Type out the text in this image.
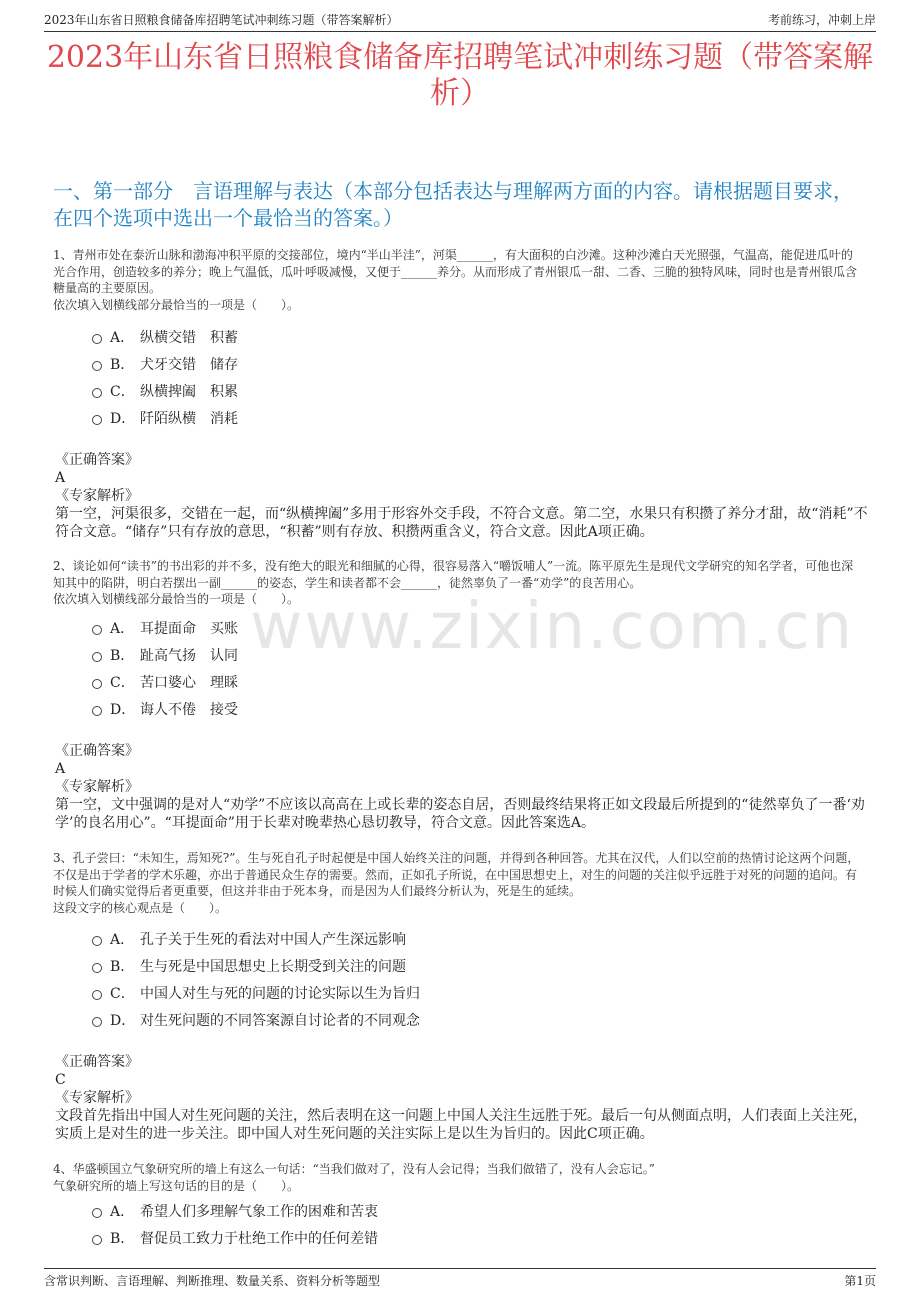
2023年山东省日照粮食储备库招聘笔试冲刺练习题（带答案解析）	考前练习，冲刺上岸
2023年山东省日照粮食储备库招聘笔试冲刺练习题（带答案解析）
一、第一部分　言语理解与表达（本部分包括表达与理解两方面的内容。请根据题目要求，在四个选项中选出一个最恰当的答案。）
www.zixin.com.cn
1、青州市处在泰沂山脉和渤海冲积平原的交接部位，境内“半山半洼”，河渠______，有大面积的白沙滩。这种沙滩白天光照强，气温高，能促进瓜叶的光合作用，创造较多的养分；晚上气温低，瓜叶呼吸减慢，又便于______养分。从而形成了青州银瓜一甜、二香、三脆的独特风味，同时也是青州银瓜含糖量高的主要原因。
依次填入划横线部分最恰当的一项是（　　）。
A． 纵横交错　积蓄
B． 犬牙交错　储存
C． 纵横捭阖　积累
D． 阡陌纵横　消耗

《正确答案》

A

《专家解析》

第一空，河渠很多，交错在一起，而“纵横捭阖”多用于形容外交手段，不符合文意。第二空，水果只有积攒了养分才甜，故“消耗”不符合文意。“储存”只有存放的意思，“积蓄”则有存放、积攒两重含义，符合文意。因此A项正确。

2、谈论如何“读书”的书出彩的并不多，没有绝大的眼光和细腻的心得，很容易落入“嚼饭哺人”一流。陈平原先生是现代文学研究的知名学者，可他也深知其中的陷阱，明白若摆出一副______的姿态，学生和读者都不会______，徒然辜负了一番“劝学”的良苦用心。
依次填入划横线部分最恰当的一项是（　　）。
A． 耳提面命　买账
B． 趾高气扬　认同
C． 苦口婆心　理睬
D． 诲人不倦　接受

《正确答案》

A

《专家解析》

第一空，文中强调的是对人“劝学”不应该以高高在上或长辈的姿态自居，否则最终结果将正如文段最后所提到的“徒然辜负了一番‘劝学’的良名用心”。“耳提面命”用于长辈对晚辈热心恳切教导，符合文意。因此答案选A。

3、孔子尝曰：“未知生，焉知死?”。生与死自孔子时起便是中国人始终关注的问题，并得到各种回答。尤其在汉代，人们以空前的热情讨论这两个问题，不仅是出于学者的学术乐趣，亦出于普通民众生存的需要。然而，正如孔子所说，在中国思想史上，对生的问题的关注似乎远胜于对死的问题的追问。有时候人们确实觉得后者更重要，但这并非由于死本身，而是因为人们最终分析认为，死是生的延续。
这段文字的核心观点是（　　）。
A． 孔子关于生死的看法对中国人产生深远影响
B． 生与死是中国思想史上长期受到关注的问题
C． 中国人对生与死的问题的讨论实际以生为旨归
D． 对生死问题的不同答案源自讨论者的不同观念

《正确答案》

C

《专家解析》

文段首先指出中国人对生死问题的关注，然后表明在这一问题上中国人关注生远胜于死。最后一句从侧面点明，人们表面上关注死，实质上是对生的进一步关注。即中国人对生死问题的关注实际上是以生为旨归的。因此C项正确。

4、华盛顿国立气象研究所的墙上有这么一句话：“当我们做对了，没有人会记得；当我们做错了，没有人会忘记。”
气象研究所的墙上写这句话的目的是（　　）。
A． 希望人们多理解气象工作的困难和苦衷
B． 督促员工致力于杜绝工作中的任何差错
含常识判断、言语理解、判断推理、数量关系、资料分析等题型	第1页
